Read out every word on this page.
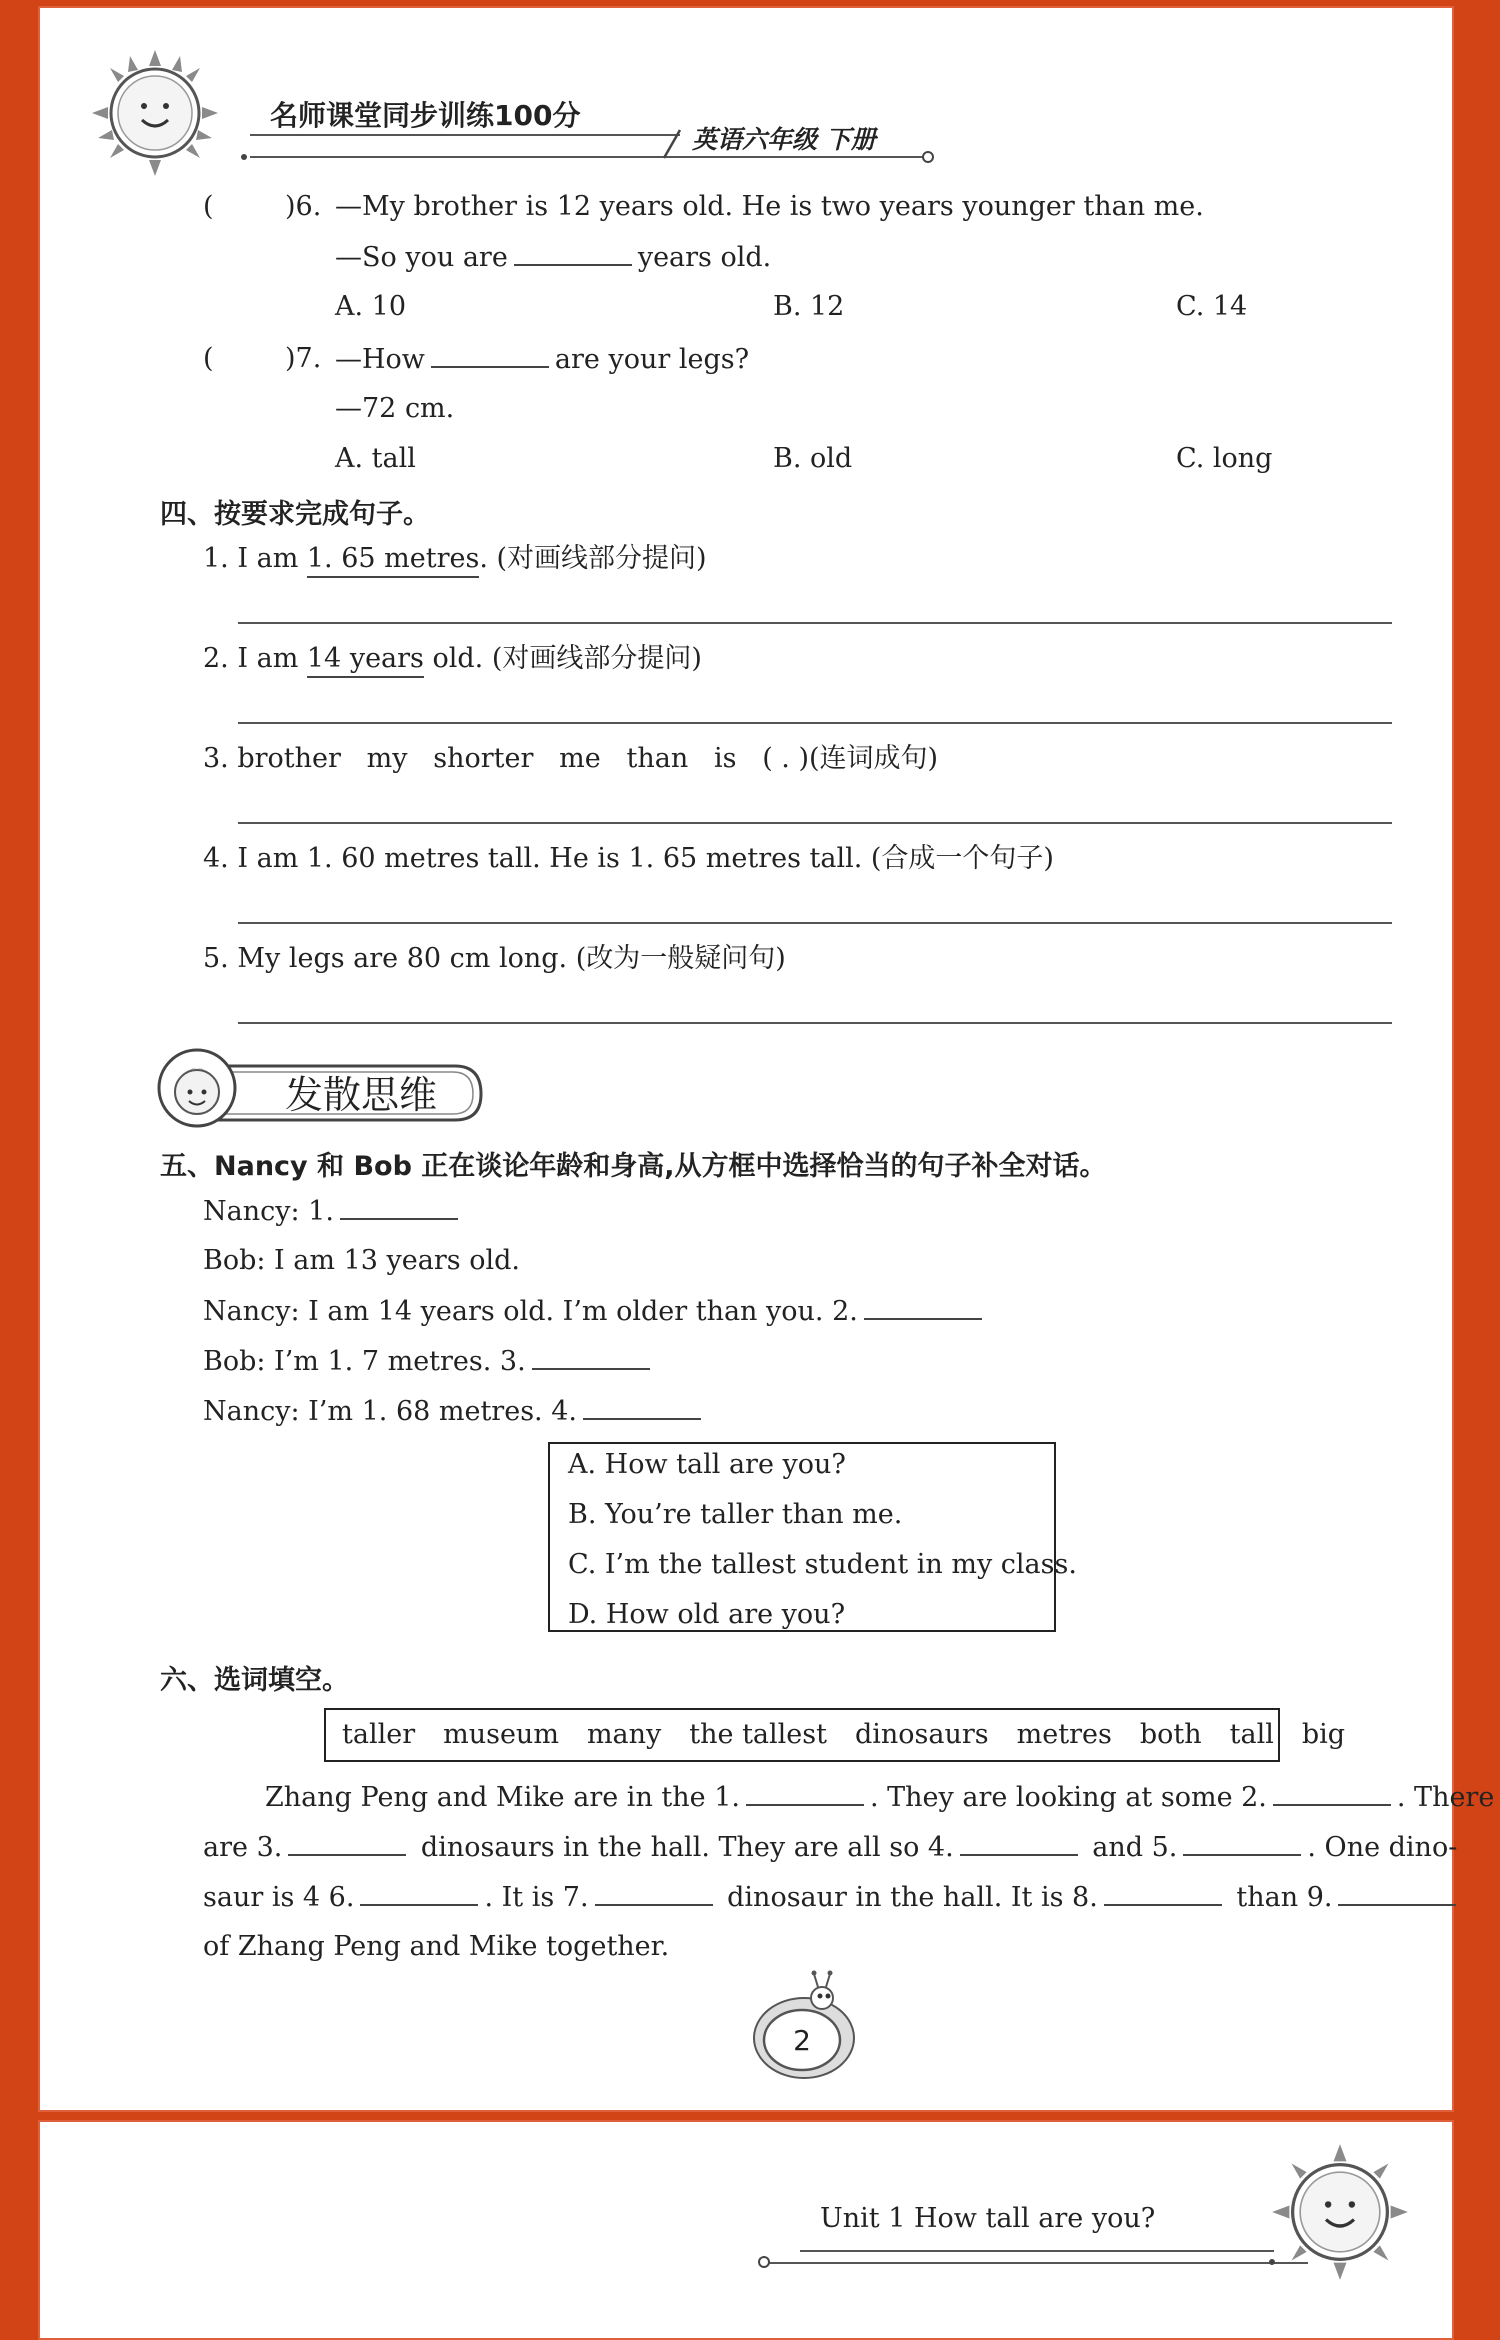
名师课堂同步训练100分
英语六年级 下册
(	)6. —My brother is 12 years old. He is two years younger than me.
—So you are	years old.
A. 10	B. 12	C. 14
(	)7. —How	are your legs?
—72 cm.
A. tall	B. old	C. long
四、按要求完成句子。
1. I am 1. 65 metres. (对画线部分提问)
2. I am 14 years old. (对画线部分提问)
3. brother   my   shorter   me   than   is   ( . )(连词成句)
4. I am 1. 60 metres tall. He is 1. 65 metres tall. (合成一个句子)
5. My legs are 80 cm long. (改为一般疑问句)
发散思维
五、Nancy 和 Bob 正在谈论年龄和身高,从方框中选择恰当的句子补全对话。
Nancy: 1.
Bob: I am 13 years old.
Nancy: I am 14 years old. I’m older than you. 2.
Bob: I’m 1. 7 metres. 3.
Nancy: I’m 1. 68 metres. 4.
A. How tall are you?
B. You’re taller than me.
C. I’m the tallest student in my class.
D. How old are you?
六、选词填空。
taller museum many the tallest dinosaurs metres both tall big
Zhang Peng and Mike are in the 1.	. They are looking at some 2.	. There
are 3.	dinosaurs in the hall. They are all so 4.	and 5.	. One dino-
saur is 4 6.	. It is 7.	dinosaur in the hall. It is 8.	than 9.
of Zhang Peng and Mike together.
2
Unit 1 How tall are you?
